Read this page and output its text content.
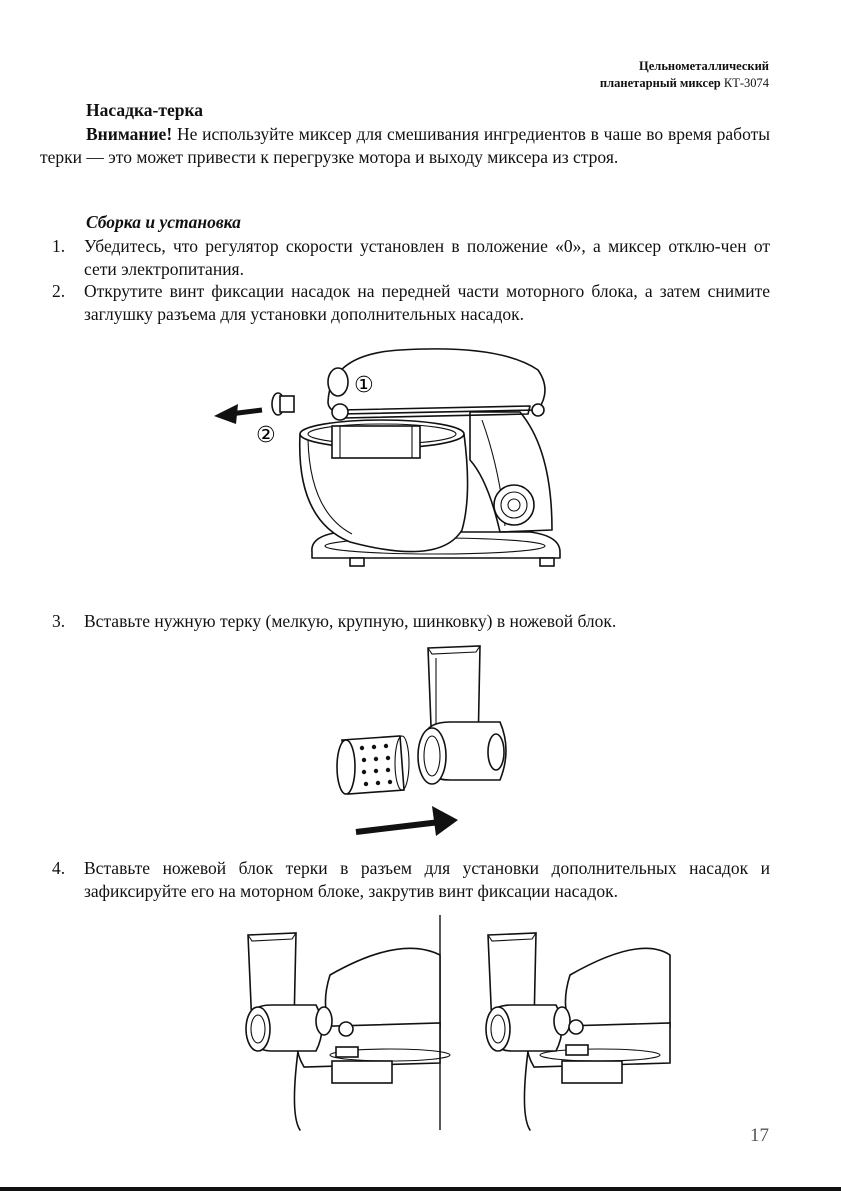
Цельнометаллический
планетарный миксер КТ-3074
Насадка-терка
Внимание! Не используйте миксер для смешивания ингредиентов в чаше во время работы терки — это может привести к перегрузке мотора и выходу миксера из строя.
Сборка и установка
1. Убедитесь, что регулятор скорости установлен в положение «0», а миксер отклю-чен от сети электропитания.
2. Открутите винт фиксации насадок на передней части моторного блока, а затем снимите заглушку разъема для установки дополнительных насадок.
①
②
3. Вставьте нужную терку (мелкую, крупную, шинковку) в ножевой блок.
4. Вставьте ножевой блок терки в разъем для установки дополнительных насадок и зафиксируйте его на моторном блоке, закрутив винт фиксации насадок.
17
